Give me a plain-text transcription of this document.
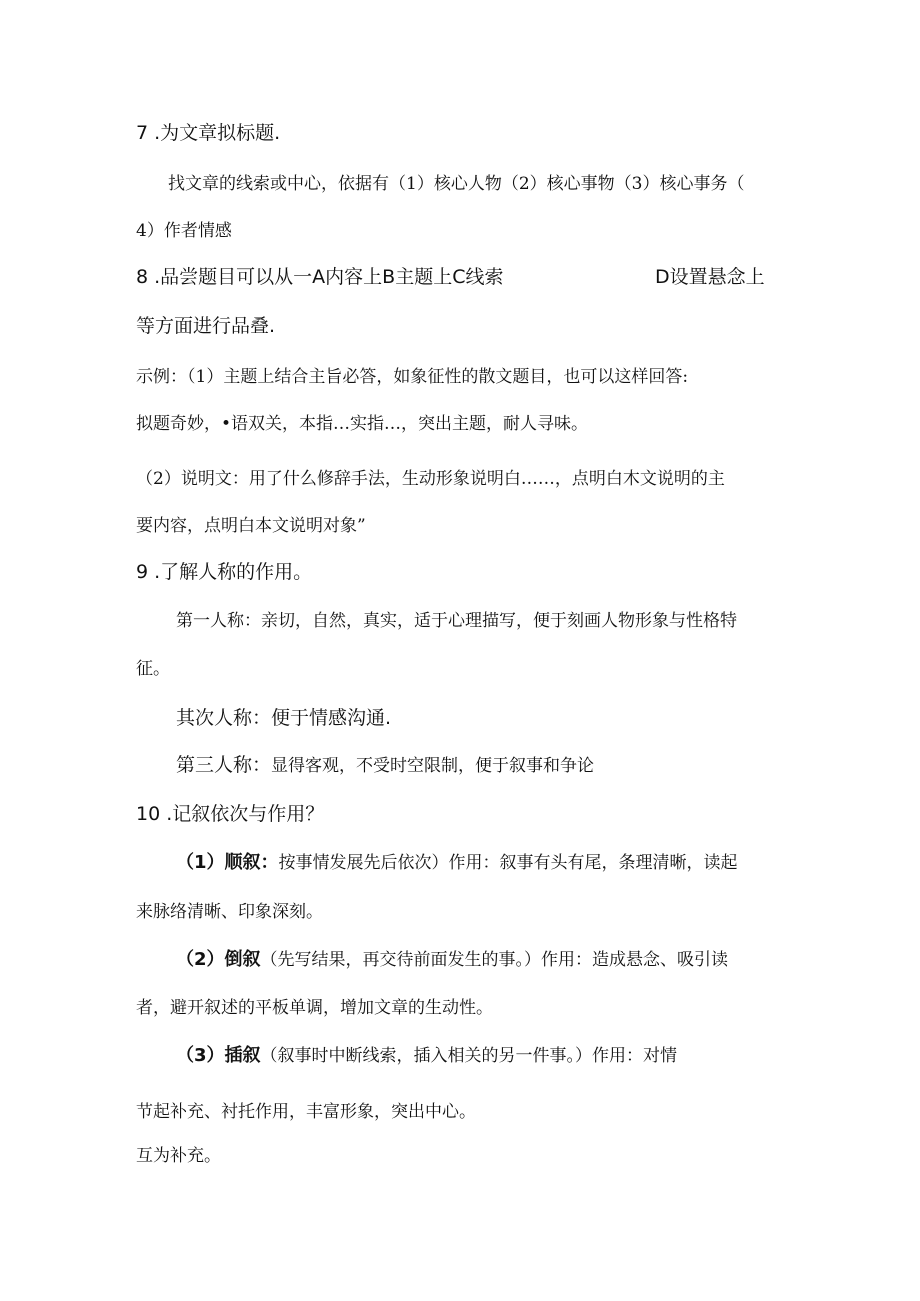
7 .为文章拟标题.
找文章的线索或中心，依据有（1）核心人物（2）核心事物（3）核心事务（
4）作者情感
8 .品尝题目可以从一A内容上B主题上C线索	D设置悬念上
等方面进行品叠.
示例：（1）主题上结合主旨必答，如象征性的散文题目，也可以这样回答:
拟题奇妙，•语双关，本指…实指…，突出主题，耐人寻味。
（2）说明文：用了什么修辞手法，生动形象说明白……，点明白木文说明的主
要内容，点明白本文说明对象”
9 .了解人称的作用。
第一人称：亲切，自然，真实，适于心理描写，便于刻画人物形象与性格特
征。
其次人称：便于情感沟通.
第三人称：显得客观，不受时空限制，便于叙事和争论
10 .记叙依次与作用？
（1）顺叙：按事情发展先后依次）作用：叙事有头有尾，条理清晰，读起
来脉络清晰、印象深刻。
（2）倒叙（先写结果，再交待前面发生的事。）作用：造成悬念、吸引读
者，避开叙述的平板单调，增加文章的生动性。
（3）插叙（叙事时中断线索，插入相关的另一件事。）作用：对情
节起补充、衬托作用，丰富形象，突出中心。
互为补充。
